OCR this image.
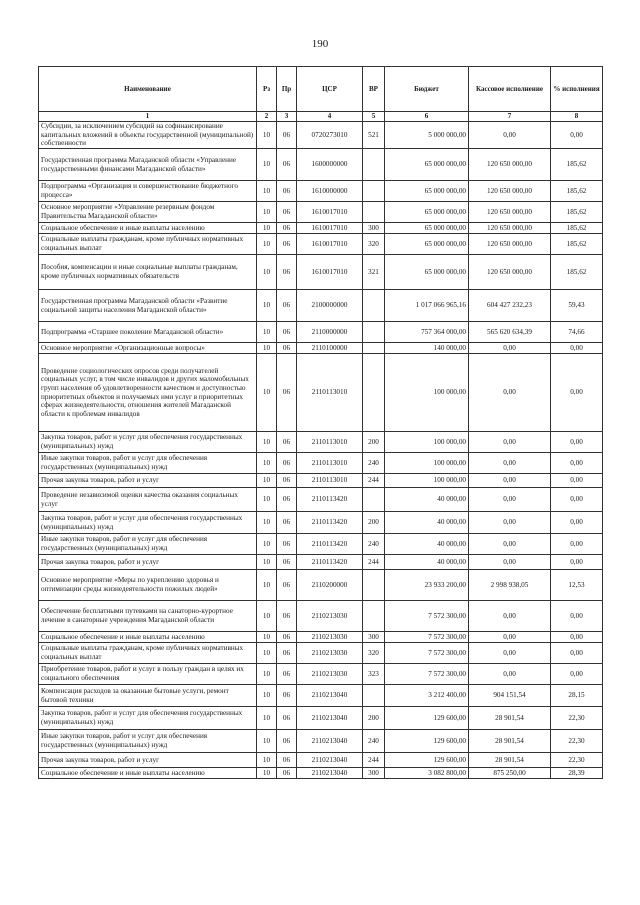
190
Наименование	Рз	Пр	ЦСР	ВР	Бюджет	Кассовое исполнение	% исполнения
1	2	3	4	5	6	7	8
Субсидии, за исключением субсидий на софинансирование капитальных вложений в объекты государственной (муниципальной) собственности	10	06	0720273010	521	5 000 000,00	0,00	0,00
Государственная программа Магаданской области «Управление государственными финансами Магаданской области»	10	06	1600000000		65 000 000,00	120 650 000,00	185,62
Подпрограмма «Организация и совершенствование бюджетного процесса»	10	06	1610000000		65 000 000,00	120 650 000,00	185,62
Основное мероприятие «Управление резервным фондом Правительства Магаданской области»	10	06	1610017010		65 000 000,00	120 650 000,00	185,62
Социальное обеспечение и иные выплаты населению	10	06	1610017010	300	65 000 000,00	120 650 000,00	185,62
Социальные выплаты гражданам, кроме публичных нормативных социальных выплат	10	06	1610017010	320	65 000 000,00	120 650 000,00	185,62
Пособия, компенсации и иные социальные выплаты гражданам, кроме публичных нормативных обязательств	10	06	1610017010	321	65 000 000,00	120 650 000,00	185,62
Государственная программа Магаданской области «Развитие социальной защиты населения Магаданской области»	10	06	2100000000		1 017 066 965,16	604 427 232,23	59,43
Подпрограмма «Старшее поколение Магаданской области»	10	06	2110000000		757 364 000,00	565 620 634,39	74,66
Основное мероприятие «Организационные вопросы»	10	06	2110100000		140 000,00	0,00	0,00
Проведение социологических опросов среди получателей социальных услуг, в том числе инвалидов и других маломобильных групп населения об удовлетворенности качеством и доступностью приоритетных объектов и получаемых ими услуг в приоритетных сферах жизнедеятельности, отношения жителей Магаданской области к проблемам инвалидов	10	06	2110113010		100 000,00	0,00	0,00
Закупка товаров, работ и услуг для обеспечения государственных (муниципальных) нужд	10	06	2110113010	200	100 000,00	0,00	0,00
Иные закупки товаров, работ и услуг для обеспечения государственных (муниципальных) нужд	10	06	2110113010	240	100 000,00	0,00	0,00
Прочая закупка товаров, работ и услуг	10	06	2110113010	244	100 000,00	0,00	0,00
Проведение независимой оценки качества оказания социальных услуг	10	06	2110113420		40 000,00	0,00	0,00
Закупка товаров, работ и услуг для обеспечения государственных (муниципальных) нужд	10	06	2110113420	200	40 000,00	0,00	0,00
Иные закупки товаров, работ и услуг для обеспечения государственных (муниципальных) нужд	10	06	2110113420	240	40 000,00	0,00	0,00
Прочая закупка товаров, работ и услуг	10	06	2110113420	244	40 000,00	0,00	0,00
Основное мероприятие «Меры по укреплению здоровья и оптимизации среды жизнедеятельности пожилых людей»	10	06	2110200000		23 933 200,00	2 998 938,05	12,53
Обеспечение бесплатными путевками на санаторно-курортное лечение в санаторные учреждения Магаданской области	10	06	2110213030		7 572 300,00	0,00	0,00
Социальное обеспечение и иные выплаты населению	10	06	2110213030	300	7 572 300,00	0,00	0,00
Социальные выплаты гражданам, кроме публичных нормативных социальных выплат	10	06	2110213030	320	7 572 300,00	0,00	0,00
Приобретение товаров, работ и услуг в пользу граждан в целях их социального обеспечения	10	06	2110213030	323	7 572 300,00	0,00	0,00
Компенсация расходов за оказанные бытовые услуги, ремонт бытовой техники	10	06	2110213040		3 212 400,00	904 151,54	28,15
Закупка товаров, работ и услуг для обеспечения государственных (муниципальных) нужд	10	06	2110213040	200	129 600,00	28 901,54	22,30
Иные закупки товаров, работ и услуг для обеспечения государственных (муниципальных) нужд	10	06	2110213040	240	129 600,00	28 901,54	22,30
Прочая закупка товаров, работ и услуг	10	06	2110213040	244	129 600,00	28 901,54	22,30
Социальное обеспечение и иные выплаты населению	10	06	2110213040	300	3 082 800,00	875 250,00	28,39
